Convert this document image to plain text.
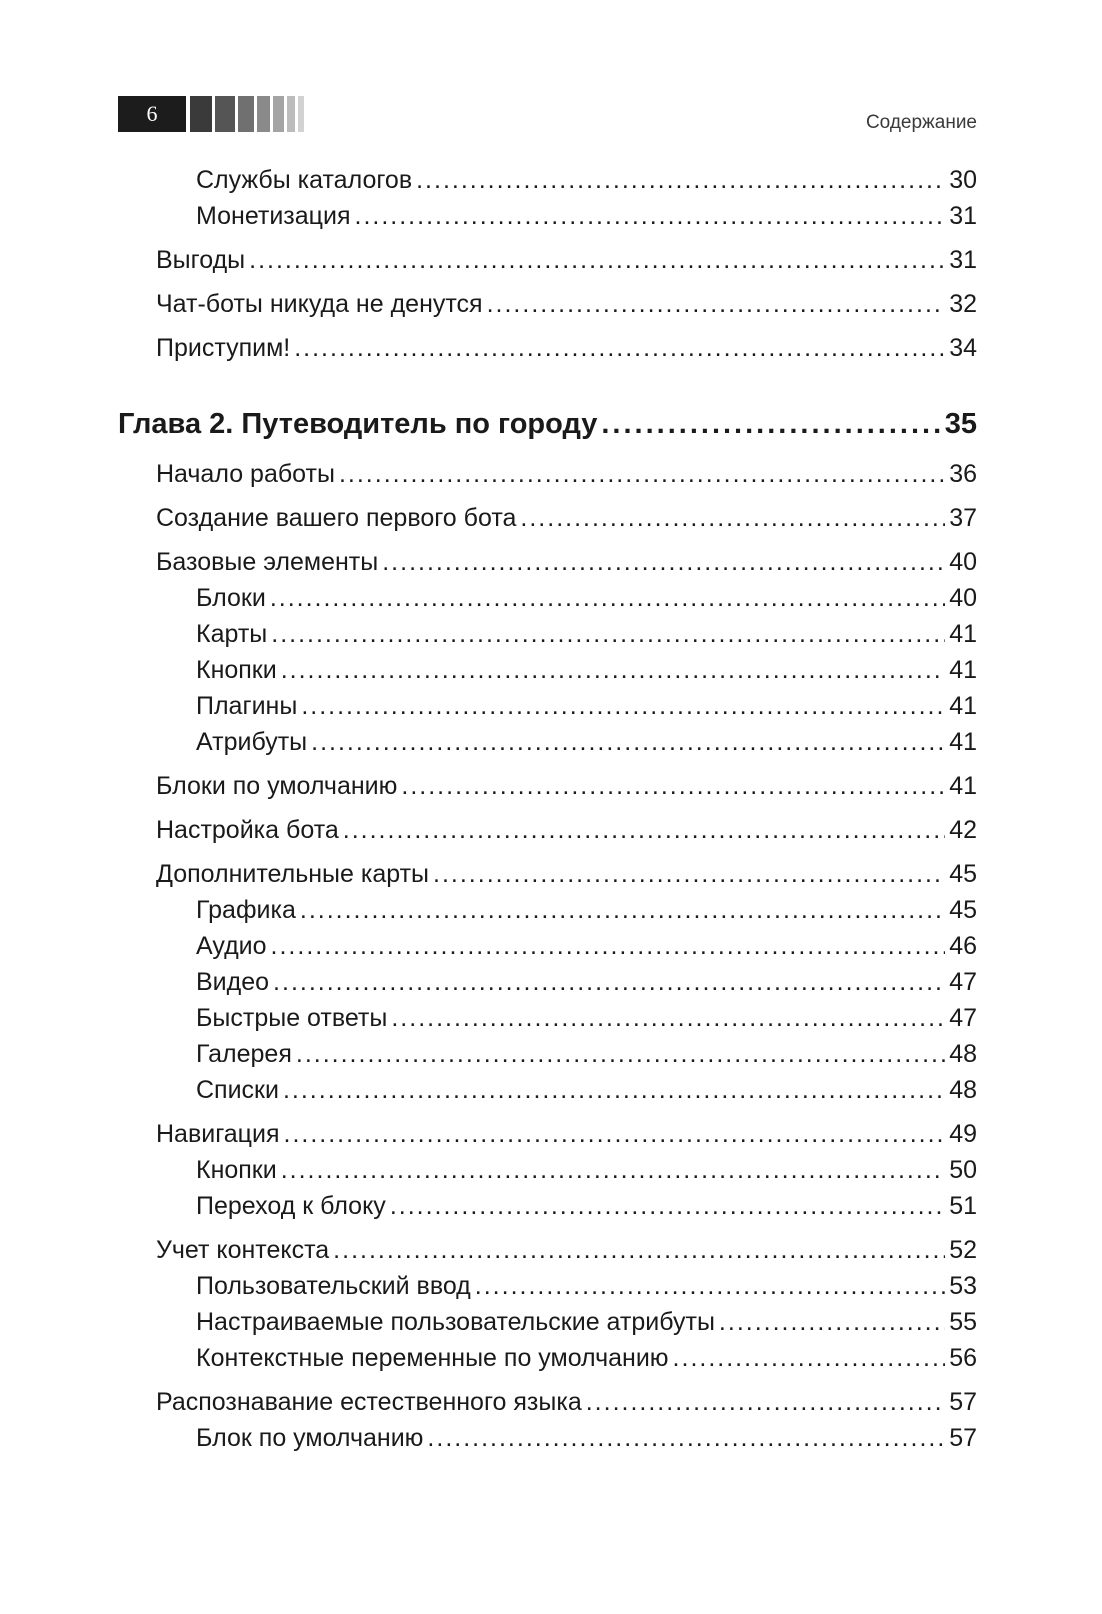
6	Содержание
Службы каталогов .....	30
Монетизация .....	31
Выгоды .....	31
Чат-боты никуда не денутся .....	32
Приступим! .....	34
Глава 2. Путеводитель по городу .....	35
Начало работы .....	36
Создание вашего первого бота .....	37
Базовые элементы .....	40
Блоки .....	40
Карты .....	41
Кнопки .....	41
Плагины .....	41
Атрибуты .....	41
Блоки по умолчанию .....	41
Настройка бота .....	42
Дополнительные карты .....	45
Графика .....	45
Аудио .....	46
Видео .....	47
Быстрые ответы .....	47
Галерея .....	48
Списки .....	48
Навигация .....	49
Кнопки .....	50
Переход к блоку .....	51
Учет контекста .....	52
Пользовательский ввод .....	53
Настраиваемые пользовательские атрибуты .....	55
Контекстные переменные по умолчанию .....	56
Распознавание естественного языка .....	57
Блок по умолчанию .....	57
